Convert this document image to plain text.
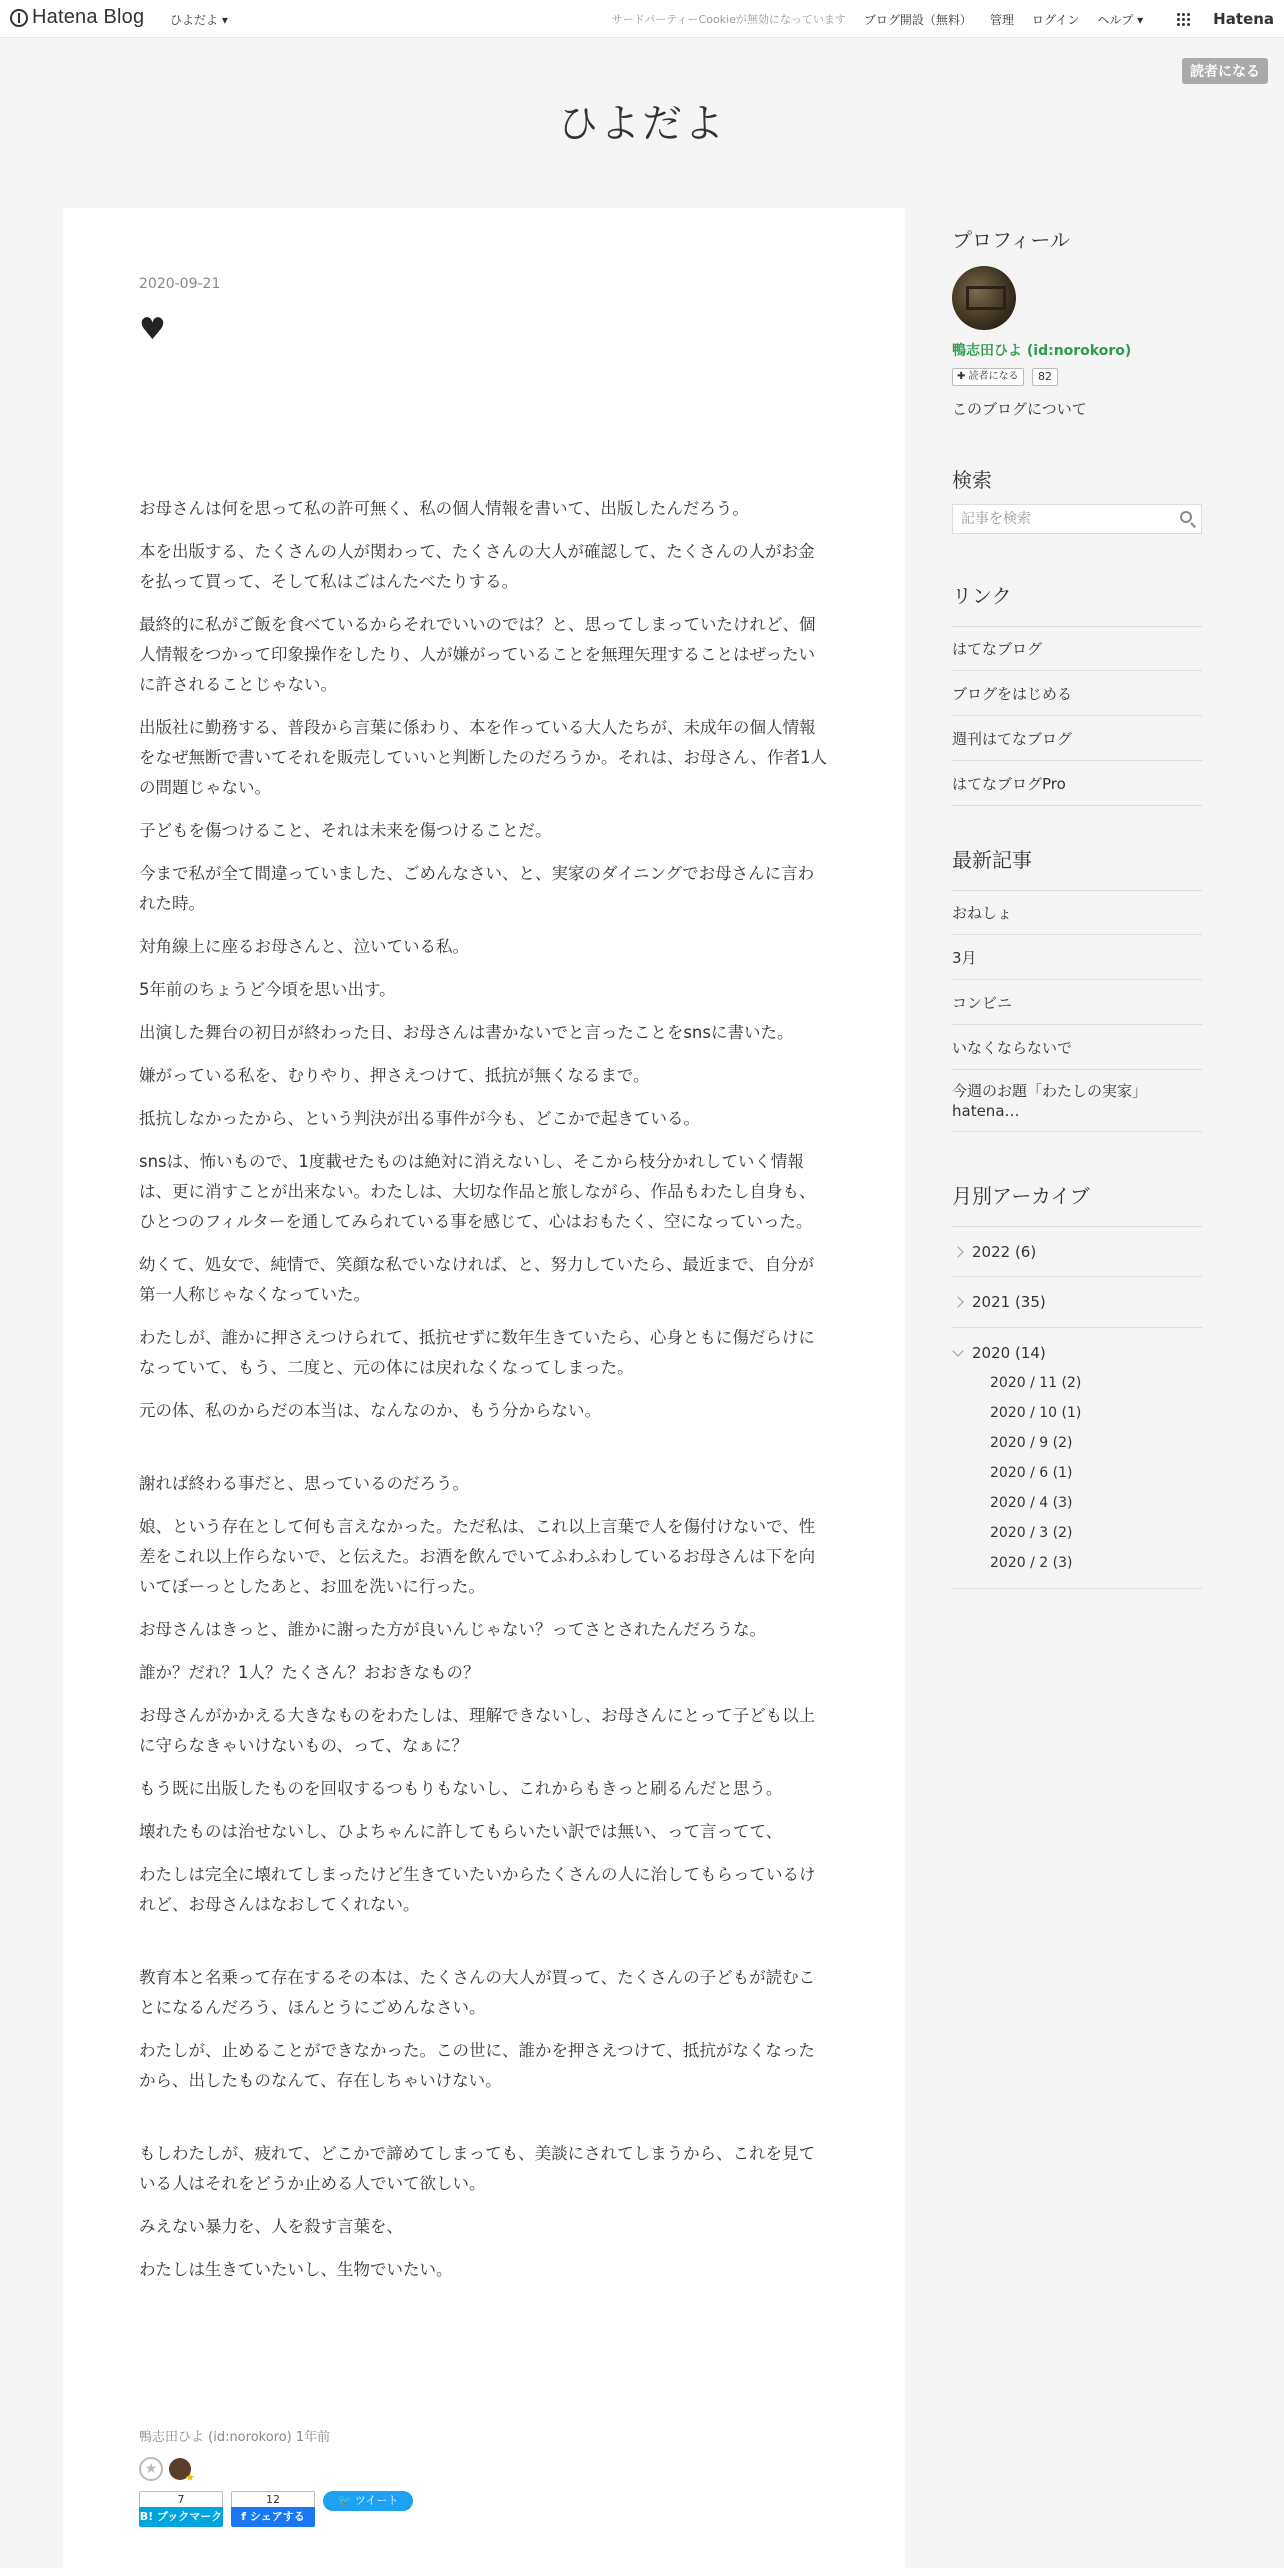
Hatena Blog ひよだよ ▾	サードパーティーCookieが無効になっています ブログ開設（無料） 管理 ログイン ヘルプ ▾	Hatena
読者になる
ひよだよ
2020-09-21
♥

お母さんは何を思って私の許可無く、私の個人情報を書いて、出版したんだろう。

本を出版する、たくさんの人が関わって、たくさんの大人が確認して、たくさんの人がお金を払って買って、そして私はごはんたべたりする。

最終的に私がご飯を食べているからそれでいいのでは？と、思ってしまっていたけれど、個人情報をつかって印象操作をしたり、人が嫌がっていることを無理矢理することはぜったいに許されることじゃない。

出版社に勤務する、普段から言葉に係わり、本を作っている大人たちが、未成年の個人情報をなぜ無断で書いてそれを販売していいと判断したのだろうか。それは、お母さん、作者1人の問題じゃない。

子どもを傷つけること、それは未来を傷つけることだ。

今まで私が全て間違っていました、ごめんなさい、と、実家のダイニングでお母さんに言われた時。

対角線上に座るお母さんと、泣いている私。

5年前のちょうど今頃を思い出す。

出演した舞台の初日が終わった日、お母さんは書かないでと言ったことをsnsに書いた。

嫌がっている私を、むりやり、押さえつけて、抵抗が無くなるまで。

抵抗しなかったから、という判決が出る事件が今も、どこかで起きている。

snsは、怖いもので、1度載せたものは絶対に消えないし、そこから枝分かれしていく情報は、更に消すことが出来ない。わたしは、大切な作品と旅しながら、作品もわたし自身も、ひとつのフィルターを通してみられている事を感じて、心はおもたく、空になっていった。

幼くて、処女で、純情で、笑顔な私でいなければ、と、努力していたら、最近まで、自分が第一人称じゃなくなっていた。

わたしが、誰かに押さえつけられて、抵抗せずに数年生きていたら、心身ともに傷だらけになっていて、もう、二度と、元の体には戻れなくなってしまった。

元の体、私のからだの本当は、なんなのか、もう分からない。

謝れば終わる事だと、思っているのだろう。

娘、という存在として何も言えなかった。ただ私は、これ以上言葉で人を傷付けないで、性差をこれ以上作らないで、と伝えた。お酒を飲んでいてふわふわしているお母さんは下を向いてぼーっとしたあと、お皿を洗いに行った。

お母さんはきっと、誰かに謝った方が良いんじゃない？ってさとされたんだろうな。

誰か？だれ？1人？たくさん？おおきなもの？

お母さんがかかえる大きなものをわたしは、理解できないし、お母さんにとって子ども以上に守らなきゃいけないもの、って、なぁに？

もう既に出版したものを回収するつもりもないし、これからもきっと刷るんだと思う。

壊れたものは治せないし、ひよちゃんに許してもらいたい訳では無い、って言ってて、

わたしは完全に壊れてしまったけど生きていたいからたくさんの人に治してもらっているけれど、お母さんはなおしてくれない。

教育本と名乗って存在するその本は、たくさんの大人が買って、たくさんの子どもが読むことになるんだろう、ほんとうにごめんなさい。

わたしが、止めることができなかった。この世に、誰かを押さえつけて、抵抗がなくなったから、出したものなんて、存在しちゃいけない。

もしわたしが、疲れて、どこかで諦めてしまっても、美談にされてしまうから、これを見ている人はそれをどうか止める人でいて欲しい。

みえない暴力を、人を殺す言葉を、

わたしは生きていたいし、生物でいたい。

鴨志田ひよ (id:norokoro) 1年前
★
★
7
B! ブックマーク
12
f シェアする
🐦 ツイート
プロフィール
鴨志田ひよ (id:norokoro)
✚ 読者になる	82
このブログについて
検索
記事を検索
リンク
はてなブログ
ブログをはじめる
週刊はてなブログ
はてなブログPro
最新記事
おねしょ
3月
コンビニ
いなくならないで
今週のお題「わたしの実家」
hatena…
月別アーカイブ
2022 (6)
2021 (35)
2020 (14)
2020 / 11 (2)
2020 / 10 (1)
2020 / 9 (2)
2020 / 6 (1)
2020 / 4 (3)
2020 / 3 (2)
2020 / 2 (3)
